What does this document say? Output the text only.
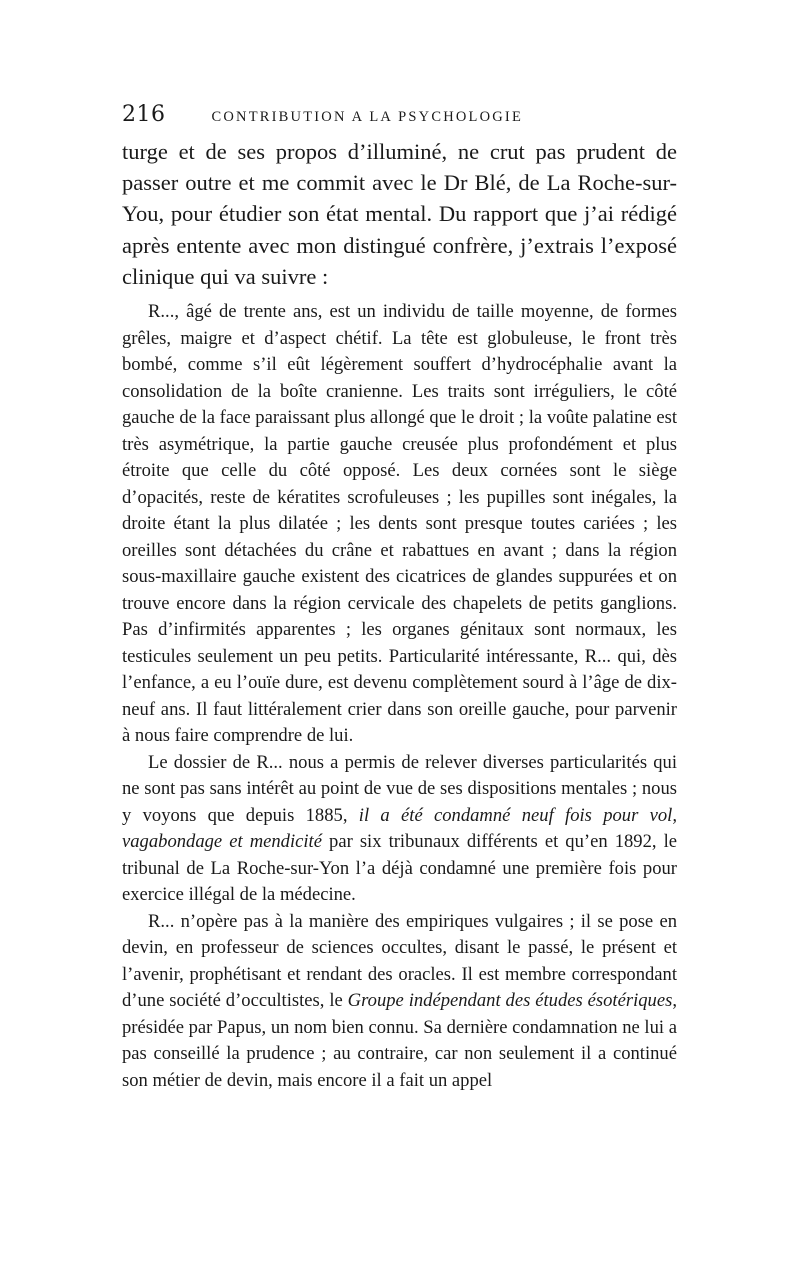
216	CONTRIBUTION A LA PSYCHOLOGIE

turge et de ses propos d’illuminé, ne crut pas prudent de passer outre et me commit avec le Dr Blé, de La Roche-sur-You, pour étudier son état mental. Du rapport que j’ai rédigé après entente avec mon distingué confrère, j’extrais l’exposé clinique qui va suivre :

R..., âgé de trente ans, est un individu de taille moyenne, de formes grêles, maigre et d’aspect chétif. La tête est globuleuse, le front très bombé, comme s’il eût légèrement souffert d’hydrocéphalie avant la consolidation de la boîte cranienne. Les traits sont irréguliers, le côté gauche de la face paraissant plus allongé que le droit ; la voûte palatine est très asymétrique, la partie gauche creusée plus profondément et plus étroite que celle du côté opposé. Les deux cornées sont le siège d’opacités, reste de kératites scrofuleuses ; les pupilles sont inégales, la droite étant la plus dilatée ; les dents sont presque toutes cariées ; les oreilles sont détachées du crâne et rabattues en avant ; dans la région sous-maxillaire gauche existent des cicatrices de glandes suppurées et on trouve encore dans la région cervicale des chapelets de petits ganglions. Pas d’infirmités apparentes ; les organes génitaux sont normaux, les testicules seulement un peu petits. Particularité intéressante, R... qui, dès l’enfance, a eu l’ouïe dure, est devenu complètement sourd à l’âge de dix-neuf ans. Il faut littéralement crier dans son oreille gauche, pour parvenir à nous faire comprendre de lui.

Le dossier de R... nous a permis de relever diverses particularités qui ne sont pas sans intérêt au point de vue de ses dispositions mentales ; nous y voyons que depuis 1885, il a été condamné neuf fois pour vol, vagabondage et mendicité par six tribunaux différents et qu’en 1892, le tribunal de La Roche-sur-Yon l’a déjà condamné une première fois pour exercice illégal de la médecine.

R... n’opère pas à la manière des empiriques vulgaires ; il se pose en devin, en professeur de sciences occultes, disant le passé, le présent et l’avenir, prophétisant et rendant des oracles. Il est membre correspondant d’une société d’occultistes, le Groupe indépendant des études ésotériques, présidée par Papus, un nom bien connu. Sa dernière condamnation ne lui a pas conseillé la prudence ; au contraire, car non seulement il a continué son métier de devin, mais encore il a fait un appel
